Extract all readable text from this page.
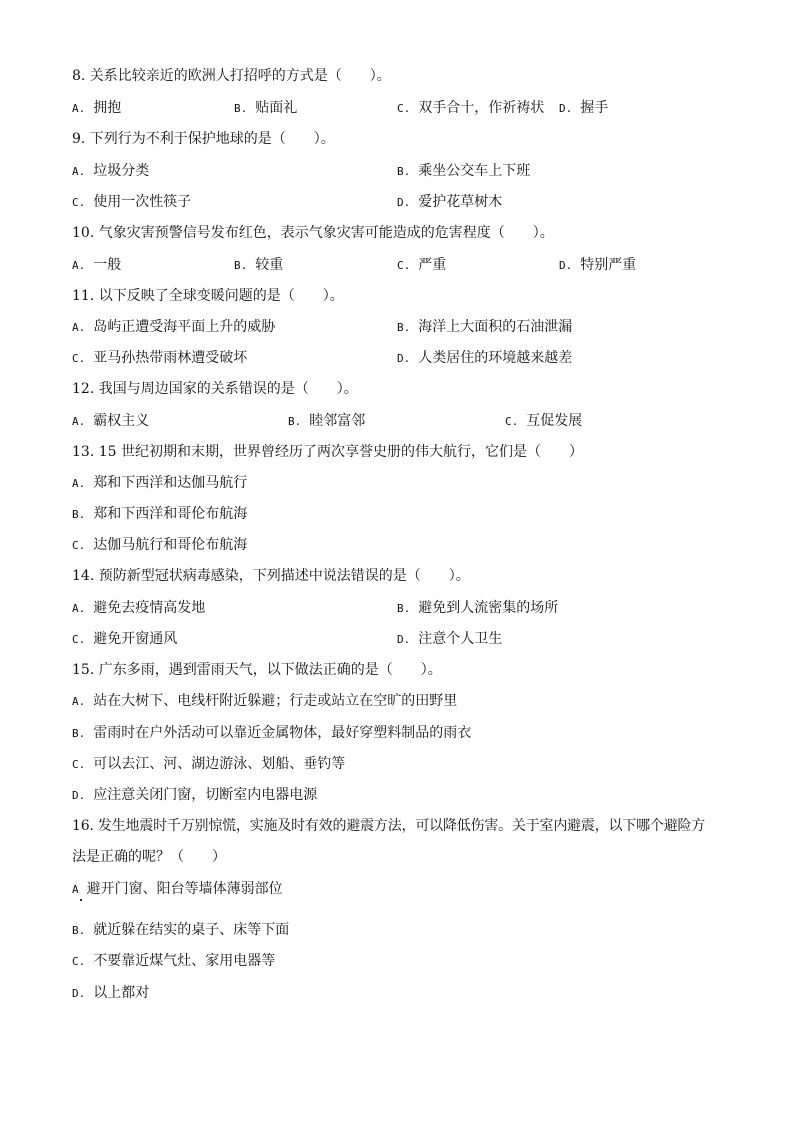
8. 关系比较亲近的欧洲人打招呼的方式是（　　）。
A. 拥抱	B. 贴面礼	C. 双手合十，作祈祷状 D. 握手
9. 下列行为不利于保护地球的是（　　）。
A. 垃圾分类	B. 乘坐公交车上下班
C. 使用一次性筷子	D. 爱护花草树木
10. 气象灾害预警信号发布红色，表示气象灾害可能造成的危害程度（　　）。
A. 一般	B. 较重	C. 严重	D. 特别严重
11. 以下反映了全球变暖问题的是（　　）。
A. 岛屿正遭受海平面上升的威胁	B. 海洋上大面积的石油泄漏
C. 亚马孙热带雨林遭受破坏	D. 人类居住的环境越来越差
12. 我国与周边国家的关系错误的是（　　）。
A. 霸权主义	B. 睦邻富邻	C. 互促发展
13. 15 世纪初期和末期，世界曾经历了两次享誉史册的伟大航行，它们是（　　）
A. 郑和下西洋和达伽马航行
B. 郑和下西洋和哥伦布航海
C. 达伽马航行和哥伦布航海
14. 预防新型冠状病毒感染，下列描述中说法错误的是（　　）。
A. 避免去疫情高发地	B. 避免到人流密集的场所
C. 避免开窗通风	D. 注意个人卫生
15. 广东多雨，遇到雷雨天气，以下做法正确的是（　　）。
A. 站在大树下、电线杆附近躲避；行走或站立在空旷的田野里
B. 雷雨时在户外活动可以靠近金属物体，最好穿塑料制品的雨衣
C. 可以去江、河、湖边游泳、划船、垂钓等
D. 应注意关闭门窗，切断室内电器电源
16. 发生地震时千万别惊慌，实施及时有效的避震方法，可以降低伤害。关于室内避震，以下哪个避险方
法是正确的呢？（　　）
A 避开门窗、阳台等墙体薄弱部位
B. 就近躲在结实的桌子、床等下面
C. 不要靠近煤气灶、家用电器等
D. 以上都对
